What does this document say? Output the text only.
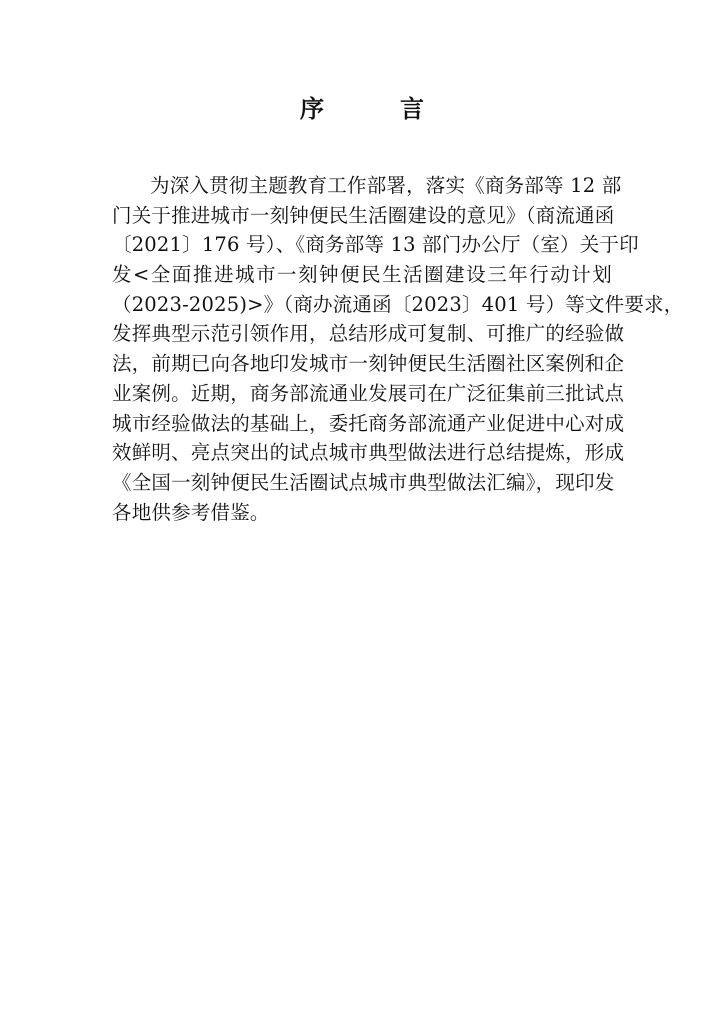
序　言
为深入贯彻主题教育工作部署，落实《商务部等 12 部
门关于推进城市一刻钟便民生活圈建设的意见》（商流通函
〔2021〕176 号）、《商务部等 13 部门办公厅（室）关于印
发<全面推进城市一刻钟便民生活圈建设三年行动计划
（2023-2025)>》（商办流通函〔2023〕401 号）等文件要求，
发挥典型示范引领作用，总结形成可复制、可推广的经验做
法，前期已向各地印发城市一刻钟便民生活圈社区案例和企
业案例。近期，商务部流通业发展司在广泛征集前三批试点
城市经验做法的基础上，委托商务部流通产业促进中心对成
效鲜明、亮点突出的试点城市典型做法进行总结提炼，形成
《全国一刻钟便民生活圈试点城市典型做法汇编》，现印发
各地供参考借鉴。
